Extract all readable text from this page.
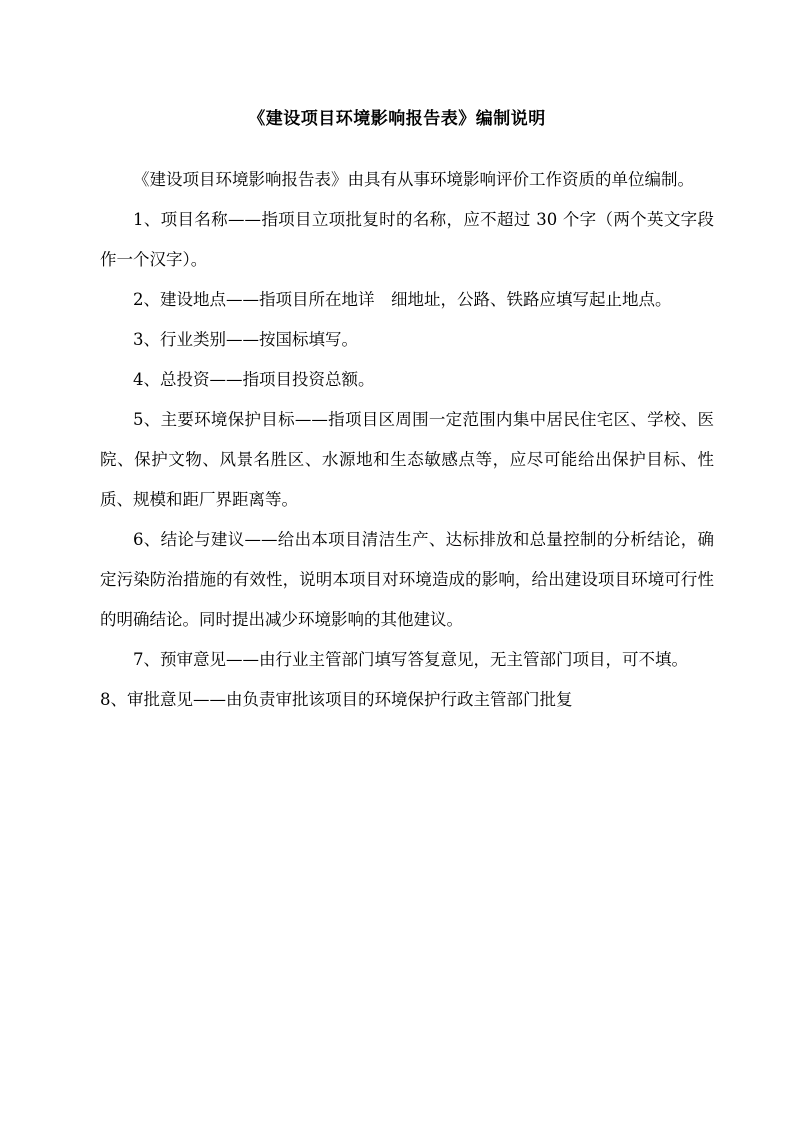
《建设项目环境影响报告表》编制说明

《建设项目环境影响报告表》由具有从事环境影响评价工作资质的单位编制。

1、项目名称——指项目立项批复时的名称，应不超过 30 个字（两个英文字段作一个汉字）。

2、建设地点——指项目所在地详　细地址，公路、铁路应填写起止地点。

3、行业类别——按国标填写。

4、总投资——指项目投资总额。

5、主要环境保护目标——指项目区周围一定范围内集中居民住宅区、学校、医院、保护文物、风景名胜区、水源地和生态敏感点等，应尽可能给出保护目标、性质、规模和距厂界距离等。

6、结论与建议——给出本项目清洁生产、达标排放和总量控制的分析结论，确定污染防治措施的有效性，说明本项目对环境造成的影响，给出建设项目环境可行性的明确结论。同时提出减少环境影响的其他建议。

7、预审意见——由行业主管部门填写答复意见，无主管部门项目，可不填。

8、审批意见——由负责审批该项目的环境保护行政主管部门批复
